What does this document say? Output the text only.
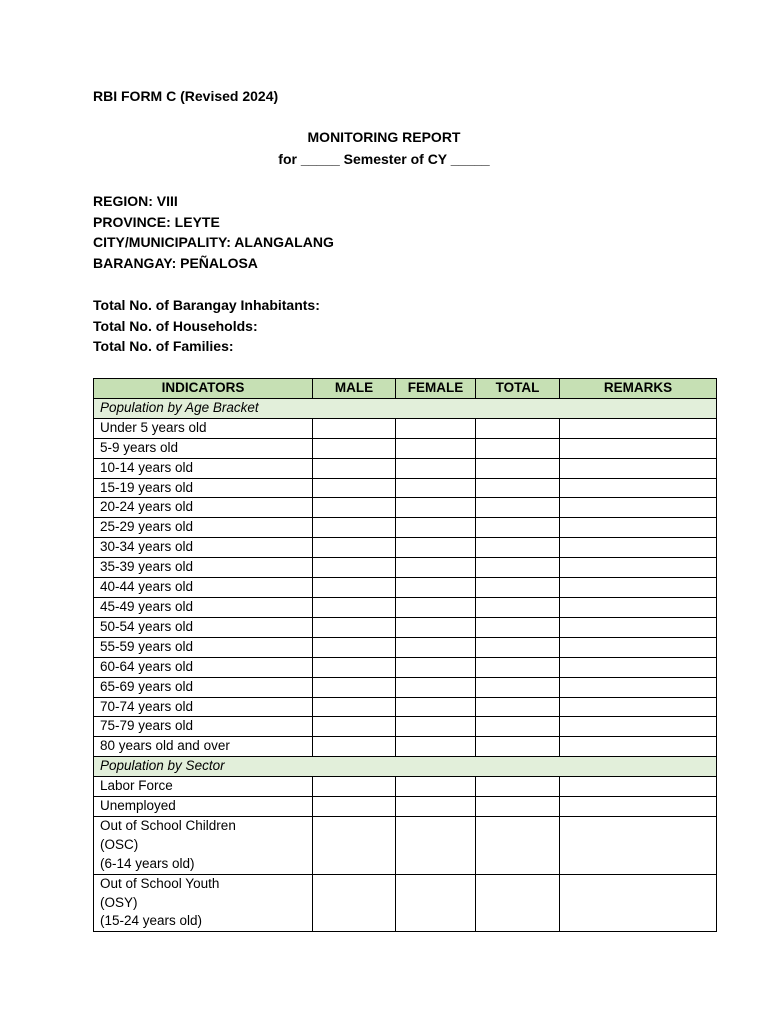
RBI FORM C (Revised 2024)
MONITORING REPORT
for _____ Semester of CY _____
REGION: VIII
PROVINCE: LEYTE
CITY/MUNICIPALITY: ALANGALANG
BARANGAY: PEÑALOSA
Total No. of Barangay Inhabitants:
Total No. of Households:
Total No. of Families:
INDICATORS	MALE	FEMALE	TOTAL	REMARKS
Population by Age Bracket				
Under 5 years old				
5-9 years old				
10-14 years old				
15-19 years old				
20-24 years old				
25-29 years old				
30-34 years old				
35-39 years old				
40-44 years old				
45-49 years old				
50-54 years old				
55-59 years old				
60-64 years old				
65-69 years old				
70-74 years old				
75-79 years old				
80 years old and over				
Population by Sector				
Labor Force				
Unemployed				

Out of School Children
(OSC)
(6-14 years old)				

Out of School Youth
(OSY)
(15-24 years old)				
